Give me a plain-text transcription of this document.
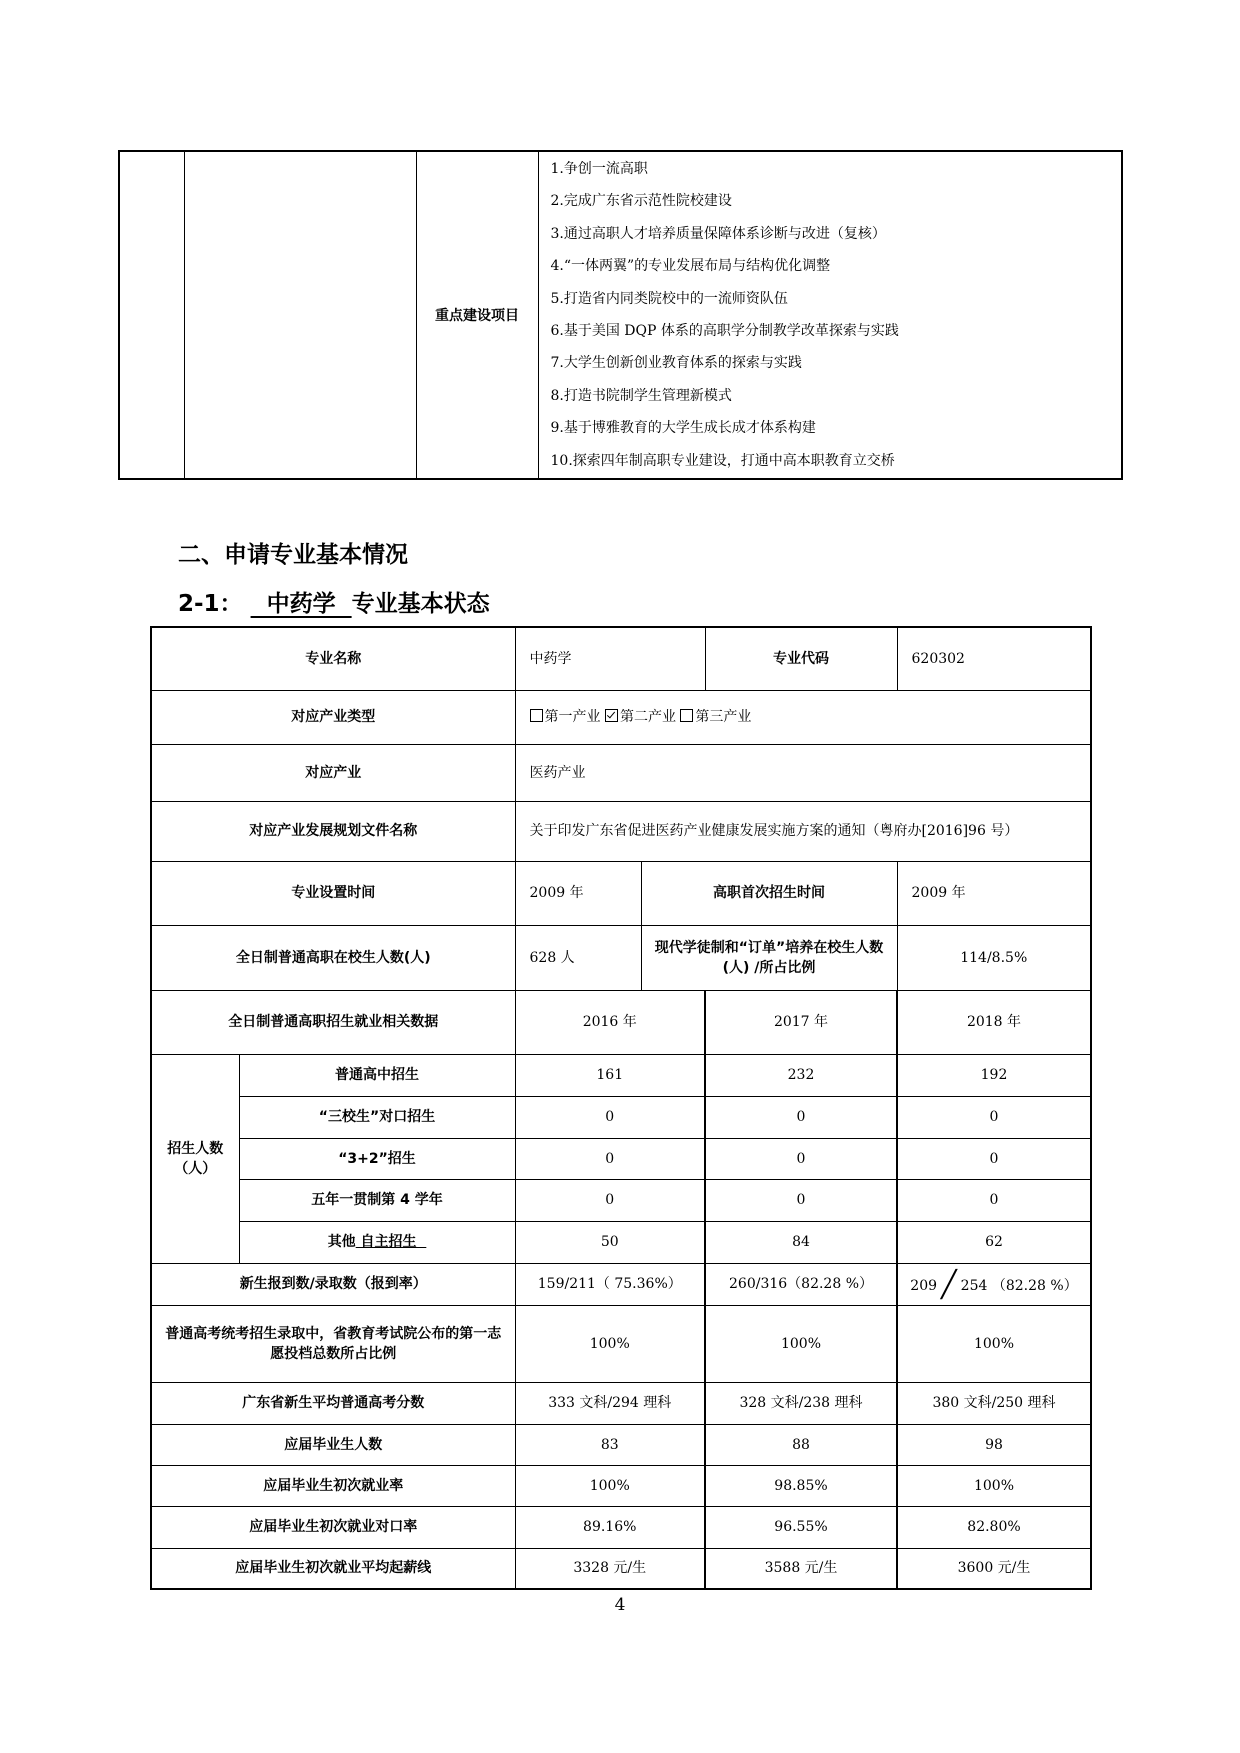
		重点建设项目	
1.争创一流高职
2.完成广东省示范性院校建设
3.通过高职人才培养质量保障体系诊断与改进（复核）
4.“一体两翼”的专业发展布局与结构优化调整
5.打造省内同类院校中的一流师资队伍
6.基于美国 DQP 体系的高职学分制教学改革探索与实践
7.大学生创新创业教育体系的探索与实践
8.打造书院制学生管理新模式
9.基于博雅教育的大学生成长成才体系构建
10.探索四年制高职专业建设，打通中高本职教育立交桥
二、申请专业基本情况
2-1：   中药学  专业基本状态
专业名称		中药学		专业代码	620302
对应产业类型		第一产业 第二产业 第三产业			
对应产业		医药产业			
对应产业发展规划文件名称		关于印发广东省促进医药产业健康发展实施方案的通知（粤府办[2016]96 号）			
专业设置时间		2009 年	高职首次招生时间		2009 年
全日制普通高职在校生人数(人)		628 人	现代学徒制和“订单”培养在校生人数(人) /所占比例		114/8.5%
全日制普通高职招生就业相关数据		2016 年		2017 年	2018 年
招生人数（人）	普通高中招生	161		232	192
	“三校生”对口招生	0		0	0
	“3+2”招生	0		0	0
	五年一贯制第 4 学年	0		0	0
	其他 自主招生	50		84	62
新生报到数/录取数（报到率）		159/211（ 75.36%）		260/316（82.28 %）	209 ╱ 254 （82.28 %）
普通高考统考招生录取中，省教育考试院公布的第一志愿投档总数所占比例		100%		100%	100%
广东省新生平均普通高考分数		333 文科/294 理科		328 文科/238 理科	380 文科/250 理科
应届毕业生人数		83		88	98
应届毕业生初次就业率		100%		98.85%	100%
应届毕业生初次就业对口率		89.16%		96.55%	82.80%
应届毕业生初次就业平均起薪线		3328 元/生		3588 元/生	3600 元/生
4
